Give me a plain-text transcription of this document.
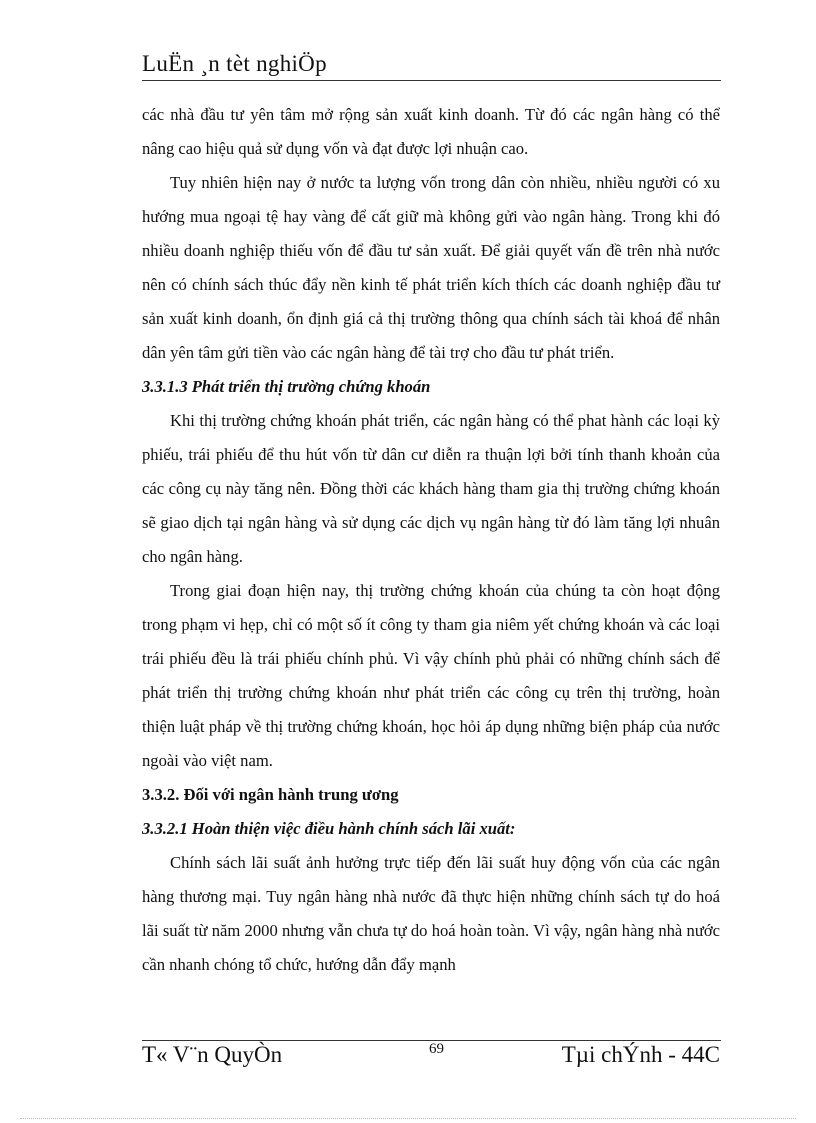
LuËn ¸n tèt nghiÖp

các nhà đầu tư yên tâm mở rộng sản xuất kinh doanh. Từ đó các ngân hàng có thể nâng cao hiệu quả sử dụng vốn và đạt được lợi nhuận cao.

Tuy nhiên hiện nay ở nước ta lượng vốn trong dân còn nhiều, nhiều người có xu hướng mua ngoại tệ hay vàng để cất giữ mà không gửi vào ngân hàng. Trong khi đó nhiều doanh nghiệp thiếu vốn để đầu tư sản xuất. Để giải quyết vấn đề trên nhà nước nên có chính sách thúc đẩy nền kinh tế phát triển kích thích các doanh nghiệp đầu tư sản xuất kinh doanh, ổn định giá cả thị trường thông qua chính sách tài khoá để nhân dân yên tâm gửi tiền vào các ngân hàng để tài trợ cho đầu tư phát triển.

3.3.1.3 Phát triển thị trường chứng khoán

Khi thị trường chứng khoán phát triển, các ngân hàng có thể phat hành các loại kỳ phiếu, trái phiếu để thu hút vốn từ dân cư diễn ra thuận lợi bởi tính thanh khoản của các công cụ này tăng nên. Đồng thời các khách hàng tham gia thị trường chứng khoán sẽ giao dịch tại ngân hàng và sử dụng các dịch vụ ngân hàng từ đó làm tăng lợi nhuân cho ngân hàng.

Trong giai đoạn hiện nay, thị trường chứng khoán của chúng ta còn hoạt động trong phạm vi hẹp, chỉ có một số ít công ty tham gia niêm yết chứng khoán và các loại trái phiếu đều là trái phiếu chính phủ. Vì vậy chính phủ phải có những chính sách để phát triển thị trường chứng khoán như phát triển các công cụ trên thị trường, hoàn thiện luật pháp về thị trường chứng khoán, học hỏi áp dụng những biện pháp của nước ngoài vào việt nam.

3.3.2. Đối với ngân hành trung ương

3.3.2.1 Hoàn thiện việc điều hành chính sách lãi xuất:

Chính sách lãi suất ảnh hưởng trực tiếp đến lãi suất huy động vốn của các ngân hàng thương mại. Tuy ngân hàng nhà nước đã thực hiện những chính sách tự do hoá lãi suất từ năm 2000 nhưng vẫn chưa tự do hoá hoàn toàn. Vì vậy, ngân hàng nhà nước cần nhanh chóng tổ chức, hướng dẫn đẩy mạnh

T« V¨n QuyÒn	69	Tµi chÝnh - 44C
